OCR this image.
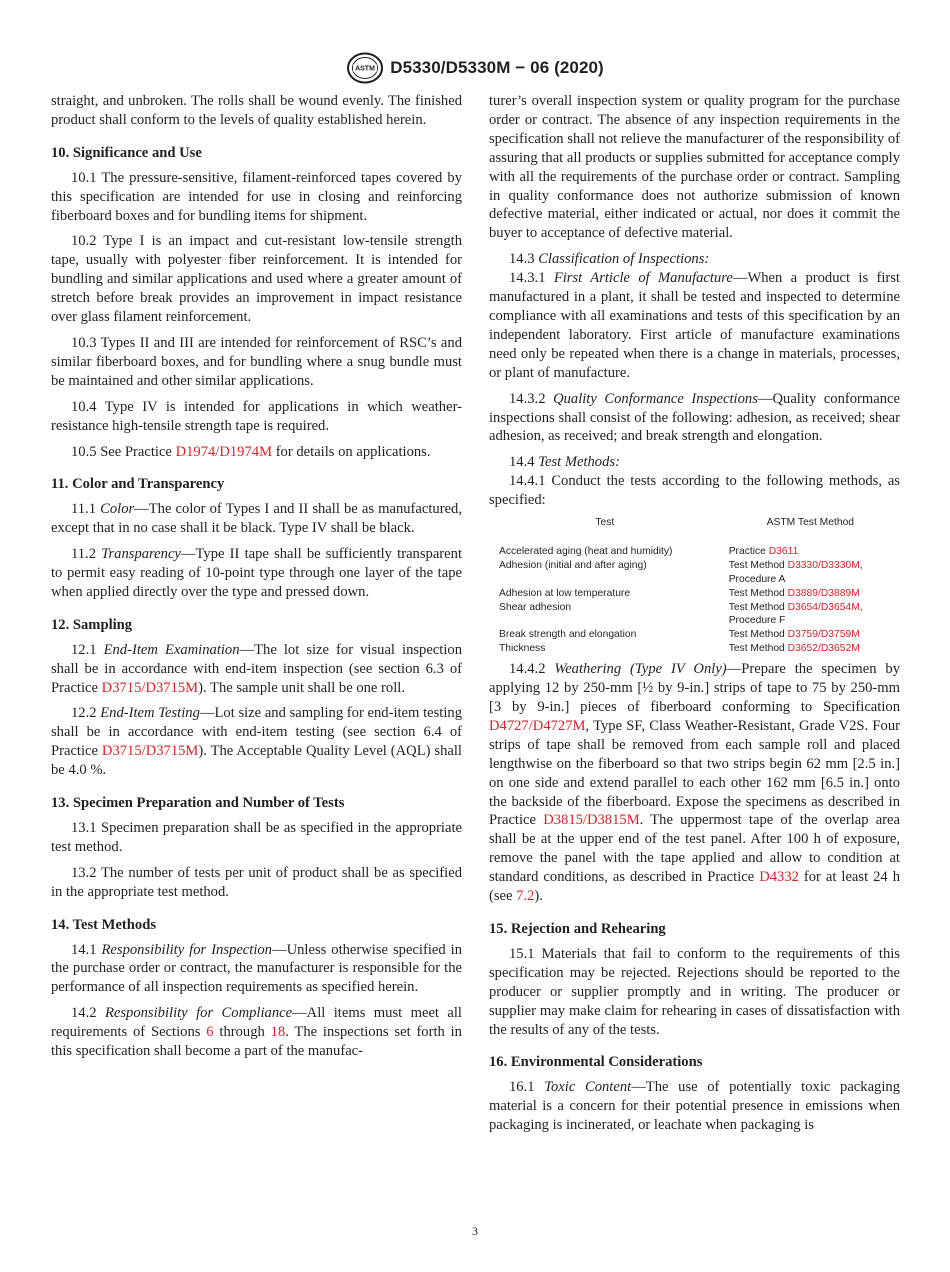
ASTM D5330/D5330M − 06 (2020)

straight, and unbroken. The rolls shall be wound evenly. The finished product shall conform to the levels of quality established herein.

10. Significance and Use

10.1 The pressure-sensitive, filament-reinforced tapes covered by this specification are intended for use in closing and reinforcing fiberboard boxes and for bundling items for shipment.

10.2 Type I is an impact and cut-resistant low-tensile strength tape, usually with polyester fiber reinforcement. It is intended for bundling and similar applications and used where a greater amount of stretch before break provides an improvement in impact resistance over glass filament reinforcement.

10.3 Types II and III are intended for reinforcement of RSC’s and similar fiberboard boxes, and for bundling where a snug bundle must be maintained and other similar applications.

10.4 Type IV is intended for applications in which weather-resistance high-tensile strength tape is required.

10.5 See Practice D1974/D1974M for details on applications.

11. Color and Transparency

11.1 Color—The color of Types I and II shall be as manufactured, except that in no case shall it be black. Type IV shall be black.

11.2 Transparency—Type II tape shall be sufficiently transparent to permit easy reading of 10-point type through one layer of the tape when applied directly over the type and pressed down.

12. Sampling

12.1 End-Item Examination—The lot size for visual inspection shall be in accordance with end-item inspection (see section 6.3 of Practice D3715/D3715M). The sample unit shall be one roll.

12.2 End-Item Testing—Lot size and sampling for end-item testing shall be in accordance with end-item testing (see section 6.4 of Practice D3715/D3715M). The Acceptable Quality Level (AQL) shall be 4.0 %.

13. Specimen Preparation and Number of Tests

13.1 Specimen preparation shall be as specified in the appropriate test method.

13.2 The number of tests per unit of product shall be as specified in the appropriate test method.

14. Test Methods

14.1 Responsibility for Inspection—Unless otherwise specified in the purchase order or contract, the manufacturer is responsible for the performance of all inspection requirements as specified herein.

14.2 Responsibility for Compliance—All items must meet all requirements of Sections 6 through 18. The inspections set forth in this specification shall become a part of the manufac-

turer’s overall inspection system or quality program for the purchase order or contract. The absence of any inspection requirements in the specification shall not relieve the manufacturer of the responsibility of assuring that all products or supplies submitted for acceptance comply with all the requirements of the purchase order or contract. Sampling in quality conformance does not authorize submission of known defective material, either indicated or actual, nor does it commit the buyer to acceptance of defective material.

14.3 Classification of Inspections:

14.3.1 First Article of Manufacture—When a product is first manufactured in a plant, it shall be tested and inspected to determine compliance with all examinations and tests of this specification by an independent laboratory. First article of manufacture examinations need only be repeated when there is a change in materials, processes, or plant of manufacture.

14.3.2 Quality Conformance Inspections—Quality conformance inspections shall consist of the following: adhesion, as received; shear adhesion, as received; and break strength and elongation.

14.4 Test Methods:

14.4.1 Conduct the tests according to the following methods, as specified:

Test	ASTM Test Method
Accelerated aging (heat and humidity)	Practice D3611
Adhesion (initial and after aging)	Test Method D3330/D3330M,
Procedure A
Adhesion at low temperature	Test Method D3889/D3889M
Shear adhesion	Test Method D3654/D3654M,
Procedure F
Break strength and elongation	Test Method D3759/D3759M
Thickness	Test Method D3652/D3652M

14.4.2 Weathering (Type IV Only)—Prepare the specimen by applying 12 by 250-mm [½ by 9-in.] strips of tape to 75 by 250-mm [3 by 9-in.] pieces of fiberboard conforming to Specification D4727/D4727M, Type SF, Class Weather-Resistant, Grade V2S. Four strips of tape shall be removed from each sample roll and placed lengthwise on the fiberboard so that two strips begin 62 mm [2.5 in.] on one side and extend parallel to each other 162 mm [6.5 in.] onto the backside of the fiberboard. Expose the specimens as described in Practice D3815/D3815M. The uppermost tape of the overlap area shall be at the upper end of the test panel. After 100 h of exposure, remove the panel with the tape applied and allow to condition at standard conditions, as described in Practice D4332 for at least 24 h (see 7.2).

15. Rejection and Rehearing

15.1 Materials that fail to conform to the requirements of this specification may be rejected. Rejections should be reported to the producer or supplier promptly and in writing. The producer or supplier may make claim for rehearing in cases of dissatisfaction with the results of any of the tests.

16. Environmental Considerations

16.1 Toxic Content—The use of potentially toxic packaging material is a concern for their potential presence in emissions when packaging is incinerated, or leachate when packaging is

3
